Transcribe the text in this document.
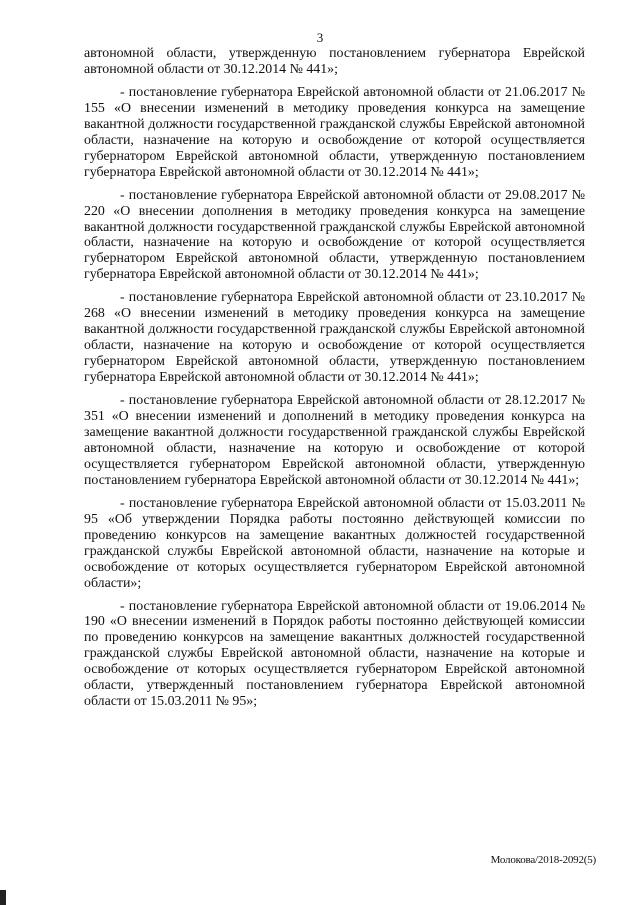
3

автономной области, утвержденную постановлением губернатора Еврейской автономной области от 30.12.2014 № 441»;

- постановление губернатора Еврейской автономной области от 21.06.2017 № 155 «О внесении изменений в методику проведения конкурса на замещение вакантной должности государственной гражданской службы Еврейской автономной области, назначение на которую и освобождение от которой осуществляется губернатором Еврейской автономной области, утвержденную постановлением губернатора Еврейской автономной области от 30.12.2014 № 441»;

- постановление губернатора Еврейской автономной области от 29.08.2017 № 220 «О внесении дополнения в методику проведения конкурса на замещение вакантной должности государственной гражданской службы Еврейской автономной области, назначение на которую и освобождение от которой осуществляется губернатором Еврейской автономной области, утвержденную постановлением губернатора Еврейской автономной области от 30.12.2014 № 441»;

- постановление губернатора Еврейской автономной области от 23.10.2017 № 268 «О внесении изменений в методику проведения конкурса на замещение вакантной должности государственной гражданской службы Еврейской автономной области, назначение на которую и освобождение от которой осуществляется губернатором Еврейской автономной области, утвержденную постановлением губернатора Еврейской автономной области от 30.12.2014 № 441»;

- постановление губернатора Еврейской автономной области от 28.12.2017 № 351 «О внесении изменений и дополнений в методику проведения конкурса на замещение вакантной должности государственной гражданской службы Еврейской автономной области, назначение на которую и освобождение от которой осуществляется губернатором Еврейской автономной области, утвержденную постановлением губернатора Еврейской автономной области от 30.12.2014 № 441»;

- постановление губернатора Еврейской автономной области от 15.03.2011 № 95 «Об утверждении Порядка работы постоянно действующей комиссии по проведению конкурсов на замещение вакантных должностей государственной гражданской службы Еврейской автономной области, назначение на которые и освобождение от которых осуществляется губернатором Еврейской автономной области»;

- постановление губернатора Еврейской автономной области от 19.06.2014 № 190 «О внесении изменений в Порядок работы постоянно действующей комиссии по проведению конкурсов на замещение вакантных должностей государственной гражданской службы Еврейской автономной области, назначение на которые и освобождение от которых осуществляется губернатором Еврейской автономной области, утвержденный постановлением губернатора Еврейской автономной области от 15.03.2011 № 95»;

Молокова/2018-2092(5)
